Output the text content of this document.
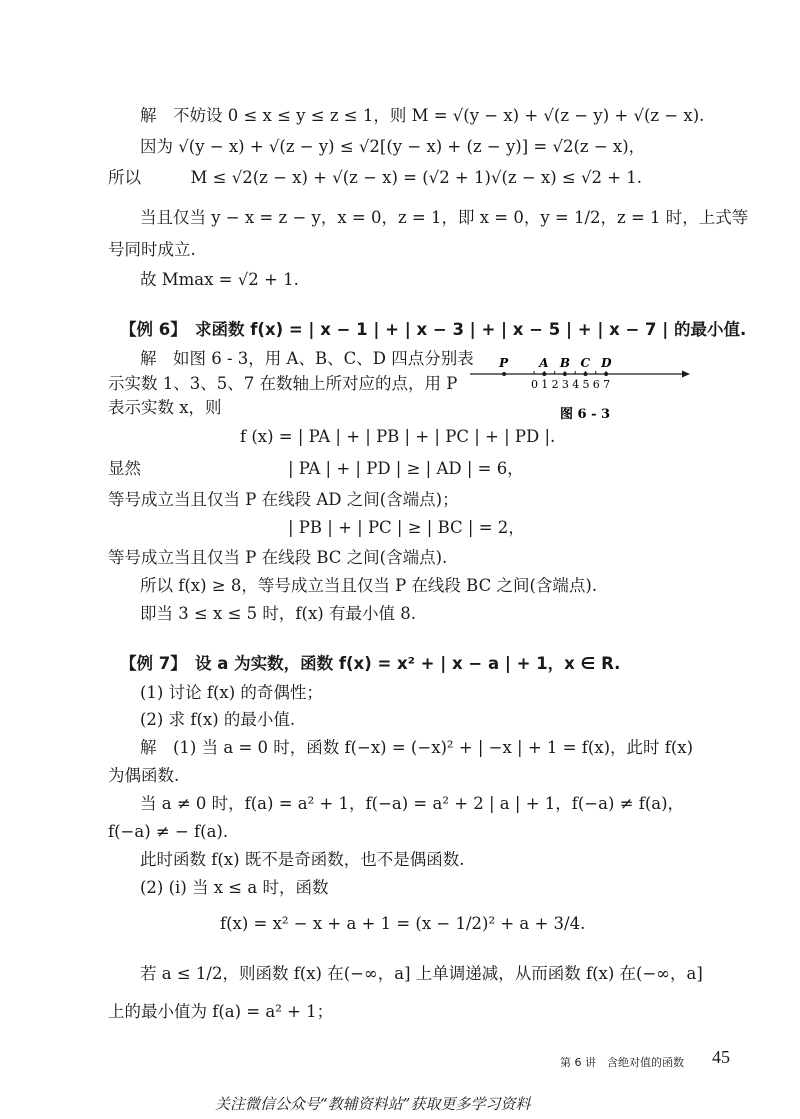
解　不妨设 0 ≤ x ≤ y ≤ z ≤ 1，则 M = √(y − x) + √(z − y) + √(z − x).
因为 √(y − x) + √(z − y) ≤ √2[(y − x) + (z − y)] = √2(z − x)，
所以　　　M ≤ √2(z − x) + √(z − x) = (√2 + 1)√(z − x) ≤ √2 + 1.
当且仅当 y − x = z − y，x = 0，z = 1，即 x = 0，y = 1/2，z = 1 时，上式等
号同时成立.
故 Mmax = √2 + 1.
【例 6】　求函数 f(x) = | x − 1 | + | x − 3 | + | x − 5 | + | x − 7 | 的最小值.
解　如图 6 - 3，用 A、B、C、D 四点分别表
示实数 1、3、5、7 在数轴上所对应的点，用 P
表示实数 x，则
P	A B C D
0 1 2 3 4 5 6 7
图 6 - 3
f (x) = | PA | + | PB | + | PC | + | PD |.
显然	| PA | + | PD | ≥ | AD | = 6，
等号成立当且仅当 P 在线段 AD 之间(含端点)；
| PB | + | PC | ≥ | BC | = 2，
等号成立当且仅当 P 在线段 BC 之间(含端点).
所以 f(x) ≥ 8，等号成立当且仅当 P 在线段 BC 之间(含端点).
即当 3 ≤ x ≤ 5 时，f(x) 有最小值 8.
【例 7】　设 a 为实数，函数 f(x) = x² + | x − a | + 1，x ∈ R.
(1) 讨论 f(x) 的奇偶性；
(2) 求 f(x) 的最小值.
解　(1) 当 a = 0 时，函数 f(−x) = (−x)² + | −x | + 1 = f(x)，此时 f(x)
为偶函数.
当 a ≠ 0 时，f(a) = a² + 1，f(−a) = a² + 2 | a | + 1，f(−a) ≠ f(a)，
f(−a) ≠ − f(a).
此时函数 f(x) 既不是奇函数，也不是偶函数.
(2) (i) 当 x ≤ a 时，函数
f(x) = x² − x + a + 1 = (x − 1/2)² + a + 3/4.
若 a ≤ 1/2，则函数 f(x) 在(−∞，a] 上单调递减，从而函数 f(x) 在(−∞，a]
上的最小值为 f(a) = a² + 1；
第 6 讲　含绝对值的函数 45
关注微信公众号“教辅资料站”获取更多学习资料
